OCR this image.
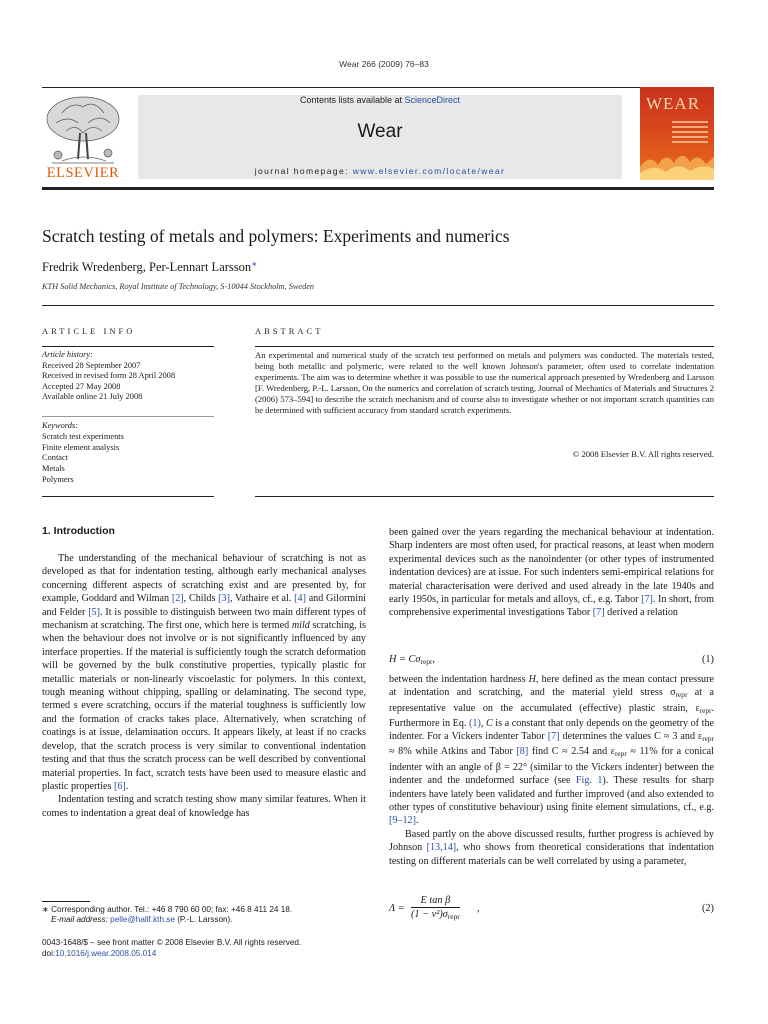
Wear 266 (2009) 76–83
ELSEVIER
Contents lists available at ScienceDirect
Wear
journal homepage: www.elsevier.com/locate/wear
WEAR
Scratch testing of metals and polymers: Experiments and numerics
Fredrik Wredenberg, Per-Lennart Larsson∗
KTH Solid Mechanics, Royal Institute of Technology, S-10044 Stockholm, Sweden
ARTICLE INFO
Article history:
Received 28 September 2007
Received in revised form 28 April 2008
Accepted 27 May 2008
Available online 21 July 2008
Keywords:
Scratch test experiments
Finite element analysis
Contact
Metals
Polymers
ABSTRACT
An experimental and numerical study of the scratch test performed on metals and polymers was conducted. The materials tested, being both metallic and polymeric, were related to the well known Johnson's parameter, often used to correlate indentation experiments. The aim was to determine whether it was possible to use the numerical approach presented by Wredenberg and Larsson [F. Wredenberg, P.-L. Larsson, On the numerics and correlation of scratch testing, Journal of Mechanics of Materials and Structures 2 (2006) 573–594] to describe the scratch mechanism and of course also to investigate whether or not important scratch quantities can be determined with sufficient accuracy from standard scratch experiments.
© 2008 Elsevier B.V. All rights reserved.
1. Introduction

The understanding of the mechanical behaviour of scratching is not as developed as that for indentation testing, although early mechanical analyses concerning different aspects of scratching exist and are presented by, for example, Goddard and Wilman [2], Childs [3], Vathaire et al. [4] and Gilormini and Felder [5]. It is possible to distinguish between two main different types of mechanism at scratching. The first one, which here is termed mild scratching, is when the behaviour does not involve or is not significantly influenced by any interface properties. If the material is sufficiently tough the scratch deformation will be governed by the bulk constitutive properties, typically plastic for metallic materials or non-linearly viscoelastic for polymers. In this context, tough meaning without chipping, spalling or delaminating. The second type, termed s evere scratching, occurs if the material toughness is sufficiently low and the formation of cracks takes place. Alternatively, when scratching of coatings is at issue, delamination occurs. It appears likely, at least if no cracks develop, that the scratch process is very similar to conventional indentation testing and that thus the scratch process can be well described by conventional material properties. In fact, scratch tests have been used to measure elastic and plastic properties [6].

Indentation testing and scratch testing show many similar features. When it comes to indentation a great deal of knowledge has

been gained over the years regarding the mechanical behaviour at indentation. Sharp indenters are most often used, for practical reasons, at least when modern experimental devices such as the nanoindenter (or other types of instrumented indentation devices) are at issue. For such indenters semi-empirical relations for material characterisation were derived and used already in the late 1940s and early 1950s, in particular for metals and alloys, cf., e.g. Tabor [7]. In short, from comprehensive experimental investigations Tabor [7] derived a relation

$H = C\sigma_{repr}$,	(1)

between the indentation hardness H, here defined as the mean contact pressure at indentation and scratching, and the material yield stress $\sigma_{repr}$ at a representative value on the accumulated (effective) plastic strain, $\varepsilon_{repr}$. Furthermore in Eq. (1), C is a constant that only depends on the geometry of the indenter. For a Vickers indenter Tabor [7] determines the values C ≈ 3 and $\varepsilon_{repr} \approx 8\%$ while Atkins and Tabor [8] find C ≈ 2.54 and $\varepsilon_{repr} \approx 11\%$ for a conical indenter with an angle of β = 22° (similar to the Vickers indenter) between the indenter and the undeformed surface (see Fig. 1). These results for sharp indenters have lately been validated and further improved (and also extended to other types of constitutive behaviour) using finite element simulations, cf., e.g. [9–12].

Based partly on the above discussed results, further progress is achieved by Johnson [13,14], who shows from theoretical considerations that indentation testing on different materials can be well correlated by using a parameter,

Λ =
E tan β
$(1 - \nu^2)\sigma_{repr}$
,	(2)
∗ Corresponding author. Tel.: +46 8 790 60 00; fax: +46 8 411 24 18.
E-mail address: pelle@hallf.kth.se (P.-L. Larsson).
0043-1648/$ – see front matter © 2008 Elsevier B.V. All rights reserved.
doi:10.1016/j.wear.2008.05.014
